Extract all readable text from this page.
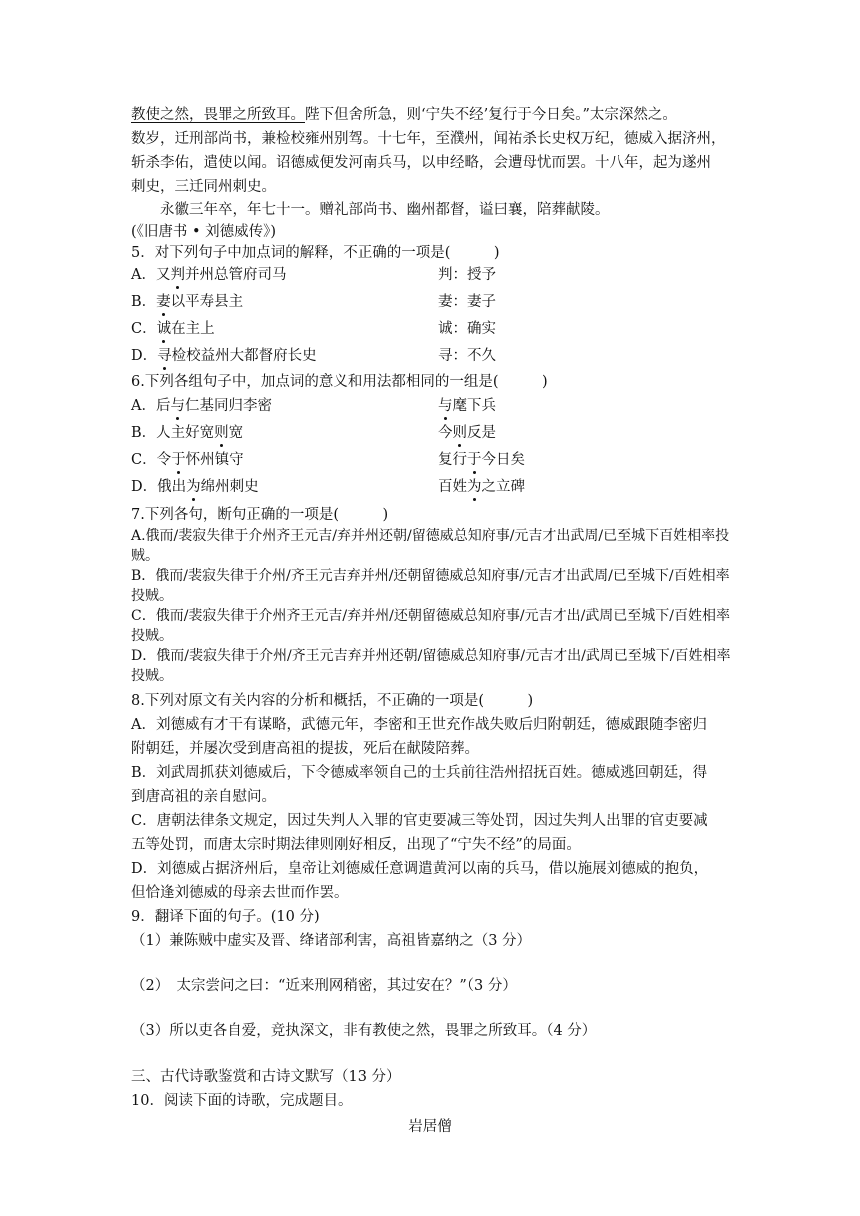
教使之然，畏罪之所致耳。陛下但舍所急，则‘宁失不经’复行于今日矣。”太宗深然之。
数岁，迁刑部尚书，兼检校雍州别驾。十七年，至濮州，闻祐杀长史权万纪，德威入据济州，
斩杀李佑，遣使以闻。诏德威便发河南兵马，以申经略，会遭母忧而罢。十八年，起为遂州
刺史，三迁同州刺史。
永徽三年卒，年七十一。赠礼部尚书、幽州都督，谥曰襄，陪葬献陵。
(《旧唐书 • 刘德威传》)
5．对下列句子中加点词的解释，不正确的一项是(　　　)
A．又判并州总管府司马	判：授予
B．妻以平寿县主	妻：妻子
C．诚在主上	诚：确实
D．寻检校益州大都督府长史	寻：不久
6.下列各组句子中，加点词的意义和用法都相同的一组是(　　　)
A．后与仁基同归李密	与麾下兵
B．人主好宽则宽	今则反是
C．令于怀州镇守	复行于今日矣
D．俄出为绵州刺史	百姓为之立碑
7.下列各句，断句正确的一项是(　　　)
A.俄而/裴寂失律于介州齐王元吉/弃并州还朝/留德威总知府事/元吉才出武周/已至城下百姓相率投贼。
B．俄而/裴寂失律于介州/齐王元吉弃并州/还朝留德威总知府事/元吉才出武周/已至城下/百姓相率投贼。
C．俄而/裴寂失律于介州齐王元吉/弃并州/还朝留德威总知府事/元吉才出/武周已至城下/百姓相率投贼。
D．俄而/裴寂失律于介州/齐王元吉弃并州还朝/留德威总知府事/元吉才出/武周已至城下/百姓相率投贼。
8.下列对原文有关内容的分析和概括，不正确的一项是(　　　)
A．刘德威有才干有谋略，武德元年，李密和王世充作战失败后归附朝廷，德威跟随李密归
附朝廷，并屡次受到唐高祖的提拔，死后在献陵陪葬。
B．刘武周抓获刘德威后，下令德威率领自己的士兵前往浩州招抚百姓。德威逃回朝廷，得
到唐高祖的亲自慰问。
C．唐朝法律条文规定，因过失判人入罪的官吏要减三等处罚，因过失判人出罪的官吏要减
五等处罚，而唐太宗时期法律则刚好相反，出现了“宁失不经”的局面。
D．刘德威占据济州后，皇帝让刘德威任意调遣黄河以南的兵马，借以施展刘德威的抱负，
但恰逢刘德威的母亲去世而作罢。
9．翻译下面的句子。(10 分)
（1）兼陈贼中虚实及晋、绛诸部利害，高祖皆嘉纳之（3 分）
（2）　太宗尝问之曰：“近来刑网稍密，其过安在？”（3 分）
（3）所以吏各自爱，竞执深文，非有教使之然，畏罪之所致耳。（4 分）
三、古代诗歌鉴赏和古诗文默写（13 分）
10．阅读下面的诗歌，完成题目。
岩居僧
